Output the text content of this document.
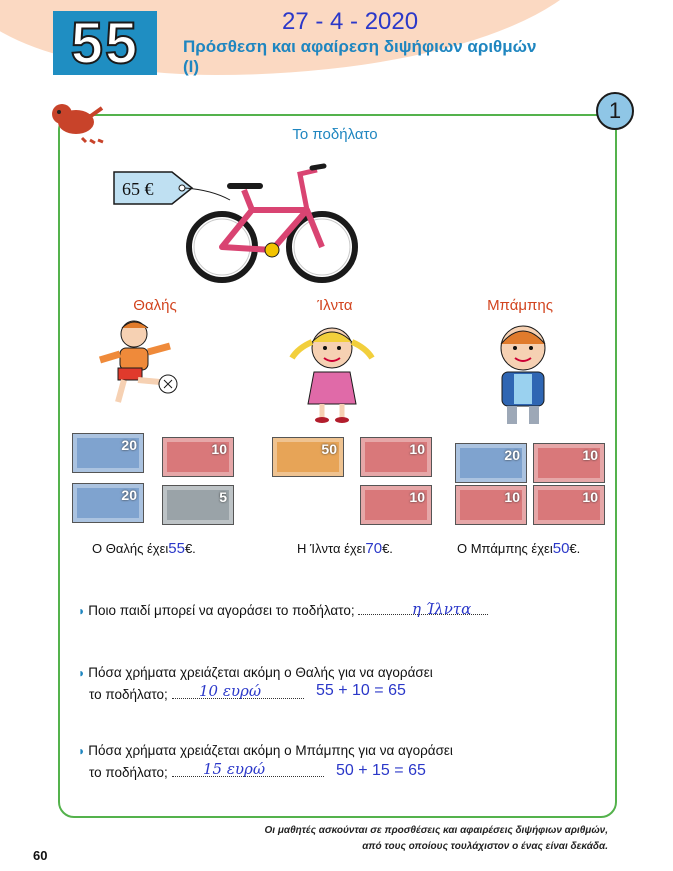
55	27 - 4 - 2020
Πρόσθεση και αφαίρεση διψήφιων αριθμών (Ι)
1
Το ποδήλατο
65 €
Θαλής	Ίλντα	Μπάμπης
20	10
20	5
50	10
10
20	10
10	10
Ο Θαλής έχει55€.	Η Ίλντα έχει70€.	Ο Μπάμπης έχει50€.
◗ Ποιο παιδί μπορεί να αγοράσει το ποδήλατο;	η Ίλντα
◗ Πόσα χρήματα χρειάζεται ακόμη ο Θαλής για να αγοράσει
το ποδήλατο;	10 ευρώ	55 + 10 = 65
◗ Πόσα χρήματα χρειάζεται ακόμη ο Μπάμπης για να αγοράσει
το ποδήλατο;	15 ευρώ	50 + 15 = 65
Οι μαθητές ασκούνται σε προσθέσεις και αφαιρέσεις διψήφιων αριθμών,
από τους οποίους τουλάχιστον ο ένας είναι δεκάδα.
60
